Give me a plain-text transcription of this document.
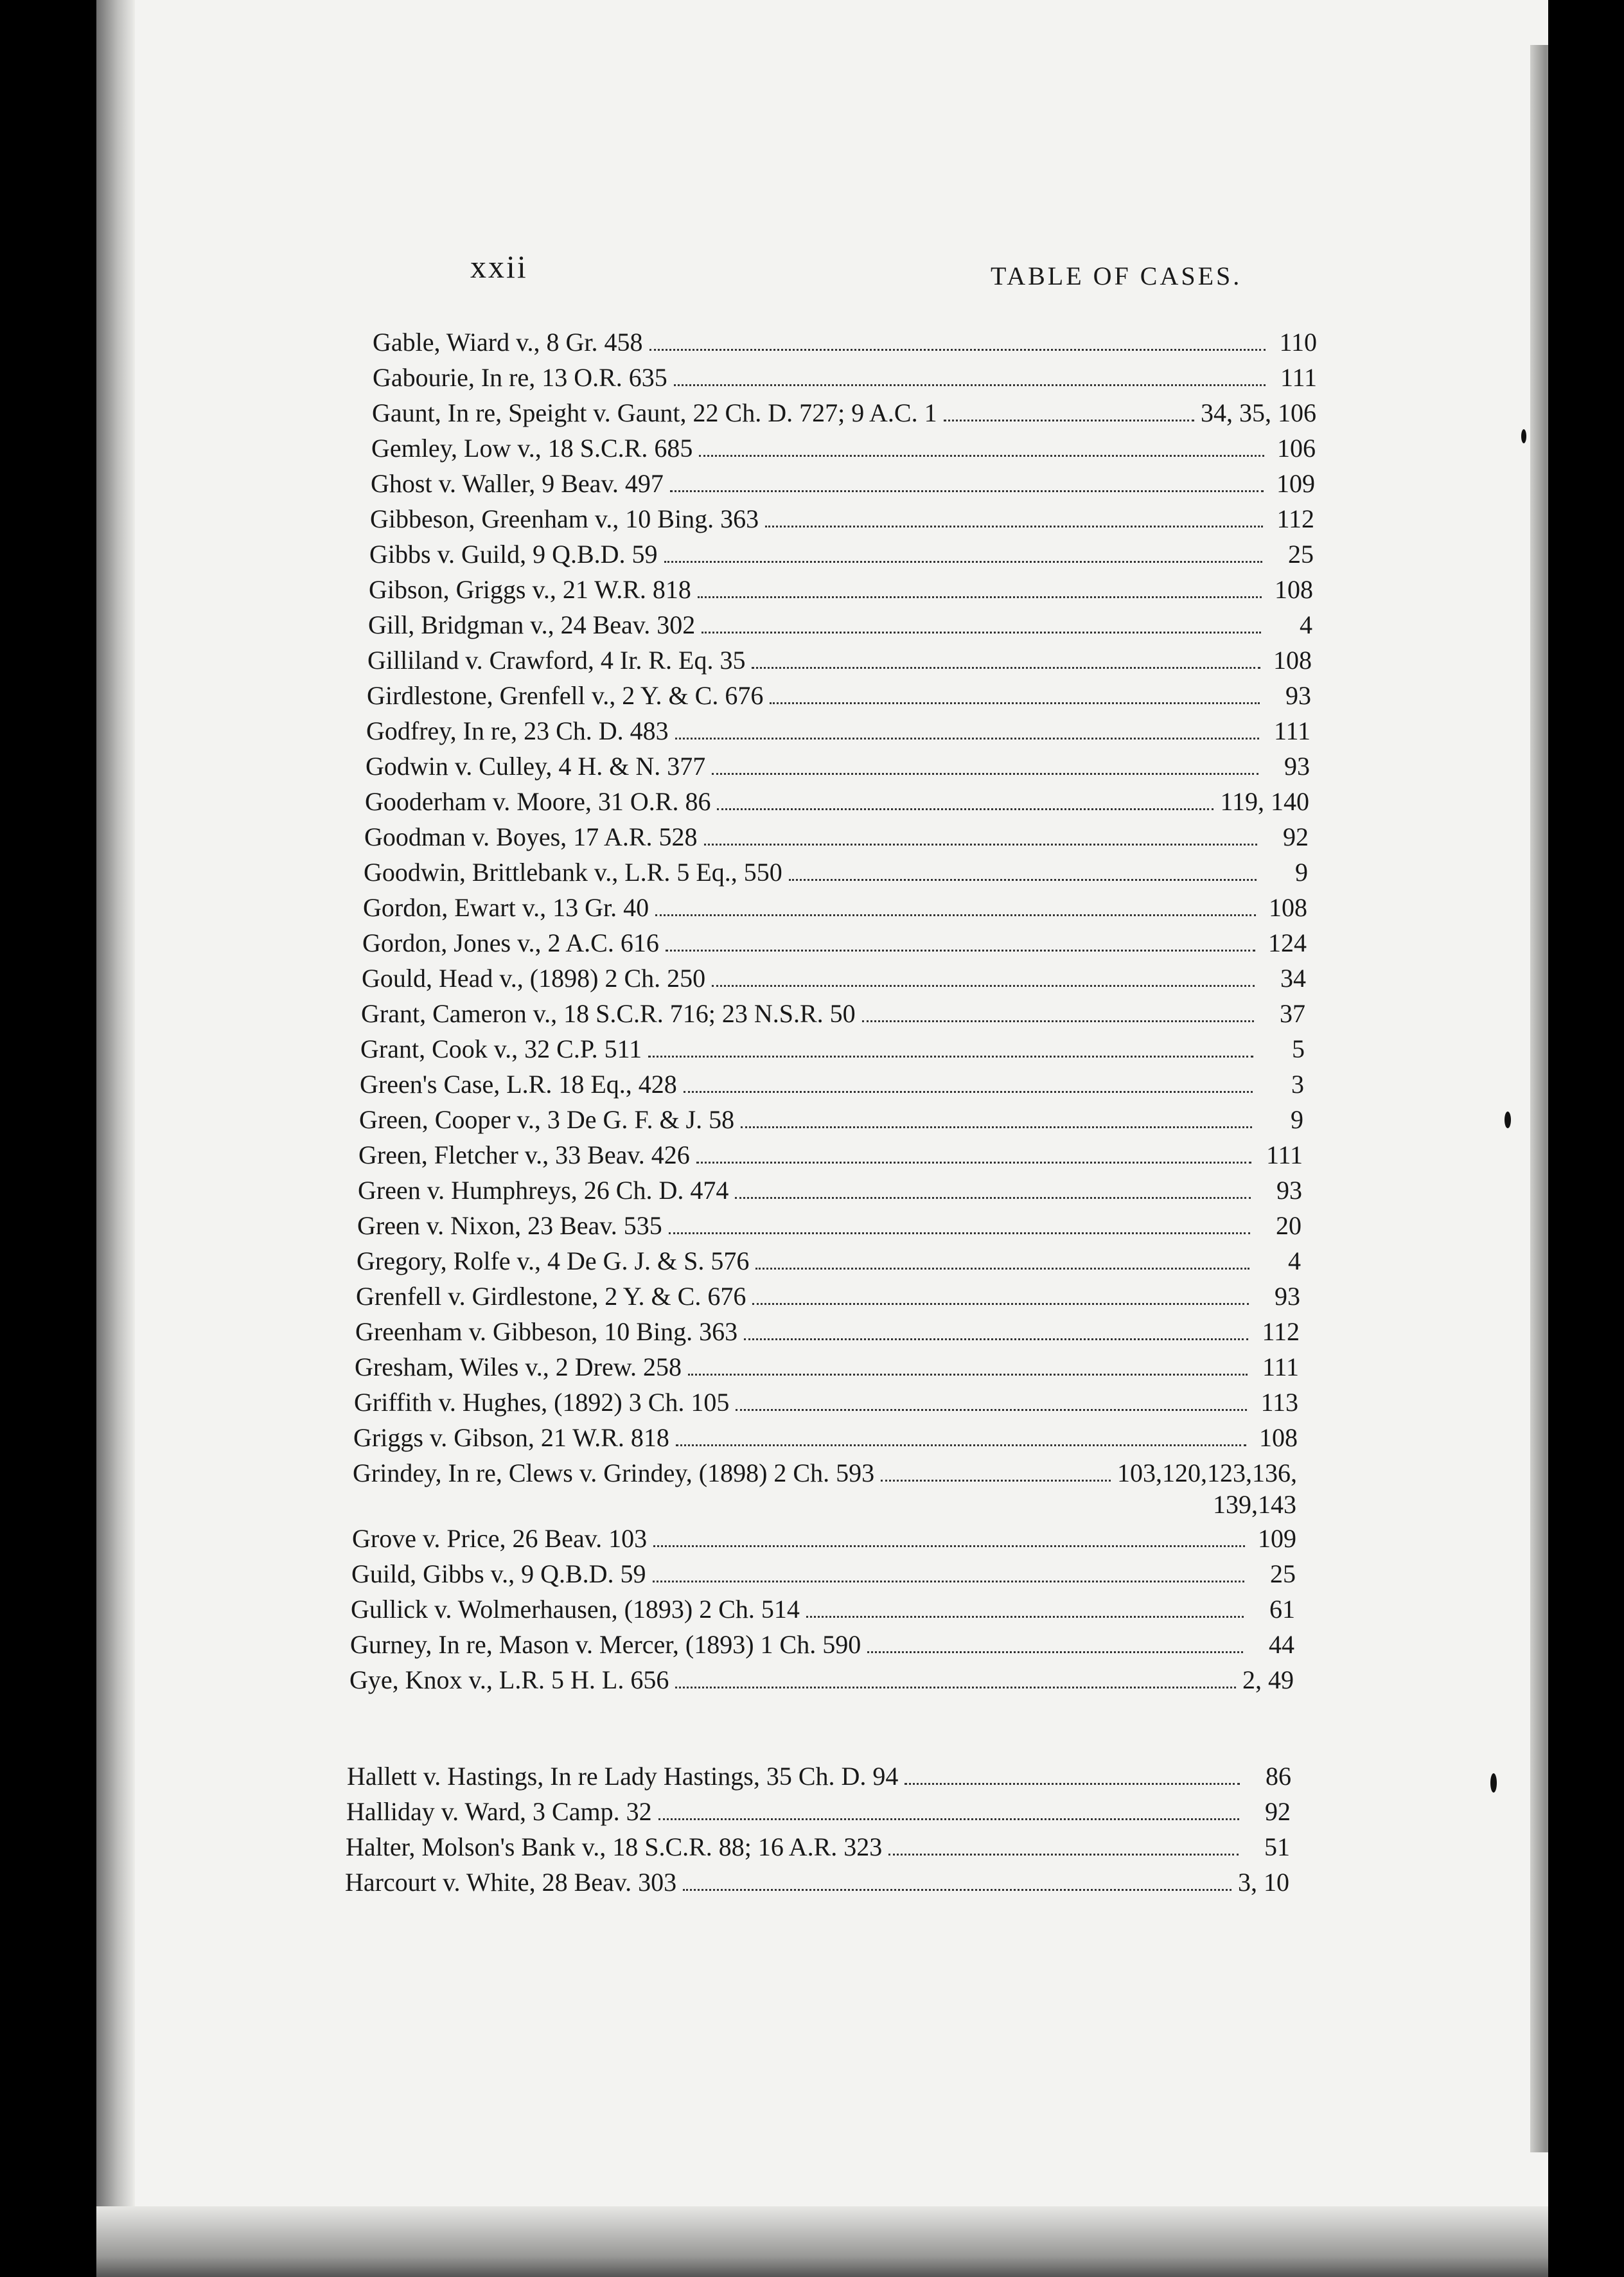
xxii	TABLE OF CASES.
Gable, Wiard v., 8 Gr. 458	110
Gabourie, In re, 13 O.R. 635	111
Gaunt, In re, Speight v. Gaunt, 22 Ch. D. 727; 9 A.C. 1	34, 35, 106
Gemley, Low v., 18 S.C.R. 685	106
Ghost v. Waller, 9 Beav. 497	109
Gibbeson, Greenham v., 10 Bing. 363	112
Gibbs v. Guild, 9 Q.B.D. 59	25
Gibson, Griggs v., 21 W.R. 818	108
Gill, Bridgman v., 24 Beav. 302	4
Gilliland v. Crawford, 4 Ir. R. Eq. 35	108
Girdlestone, Grenfell v., 2 Y. & C. 676	93
Godfrey, In re, 23 Ch. D. 483	111
Godwin v. Culley, 4 H. & N. 377	93
Gooderham v. Moore, 31 O.R. 86	119, 140
Goodman v. Boyes, 17 A.R. 528	92
Goodwin, Brittlebank v., L.R. 5 Eq., 550	9
Gordon, Ewart v., 13 Gr. 40	108
Gordon, Jones v., 2 A.C. 616	124
Gould, Head v., (1898) 2 Ch. 250	34
Grant, Cameron v., 18 S.C.R. 716; 23 N.S.R. 50	37
Grant, Cook v., 32 C.P. 511	5
Green's Case, L.R. 18 Eq., 428	3
Green, Cooper v., 3 De G. F. & J. 58	9
Green, Fletcher v., 33 Beav. 426	111
Green v. Humphreys, 26 Ch. D. 474	93
Green v. Nixon, 23 Beav. 535	20
Gregory, Rolfe v., 4 De G. J. & S. 576	4
Grenfell v. Girdlestone, 2 Y. & C. 676	93
Greenham v. Gibbeson, 10 Bing. 363	112
Gresham, Wiles v., 2 Drew. 258	111
Griffith v. Hughes, (1892) 3 Ch. 105	113
Griggs v. Gibson, 21 W.R. 818	108
Grindey, In re, Clews v. Grindey, (1898) 2 Ch. 593	103,120,123,136,
139,143
Grove v. Price, 26 Beav. 103	109
Guild, Gibbs v., 9 Q.B.D. 59	25
Gullick v. Wolmerhausen, (1893) 2 Ch. 514	61
Gurney, In re, Mason v. Mercer, (1893) 1 Ch. 590	44
Gye, Knox v., L.R. 5 H. L. 656	2, 49
Hallett v. Hastings, In re Lady Hastings, 35 Ch. D. 94	86
Halliday v. Ward, 3 Camp. 32	92
Halter, Molson's Bank v., 18 S.C.R. 88; 16 A.R. 323	51
Harcourt v. White, 28 Beav. 303	3, 10
